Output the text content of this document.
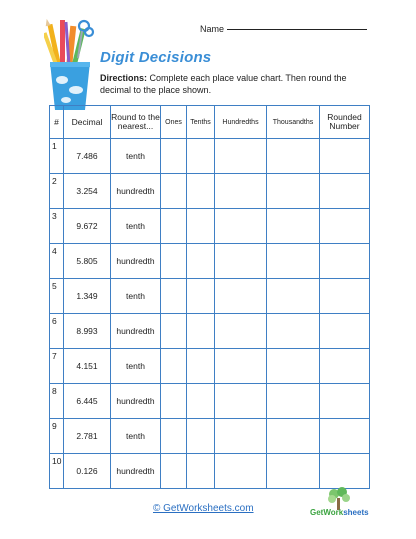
Name
Digit Decisions
Directions: Complete each place value chart. Then round the decimal to the place shown.
#	Decimal	Round to the nearest...	Ones	Tenths	Hundredths	Thousandths	Rounded Number
1	7.486	tenth					
2	3.254	hundredth					
3	9.672	tenth					
4	5.805	hundredth					
5	1.349	tenth					
6	8.993	hundredth					
7	4.151	tenth					
8	6.445	hundredth					
9	2.781	tenth					
10	0.126	hundredth					
© GetWorksheets.com	GetWorksheets
